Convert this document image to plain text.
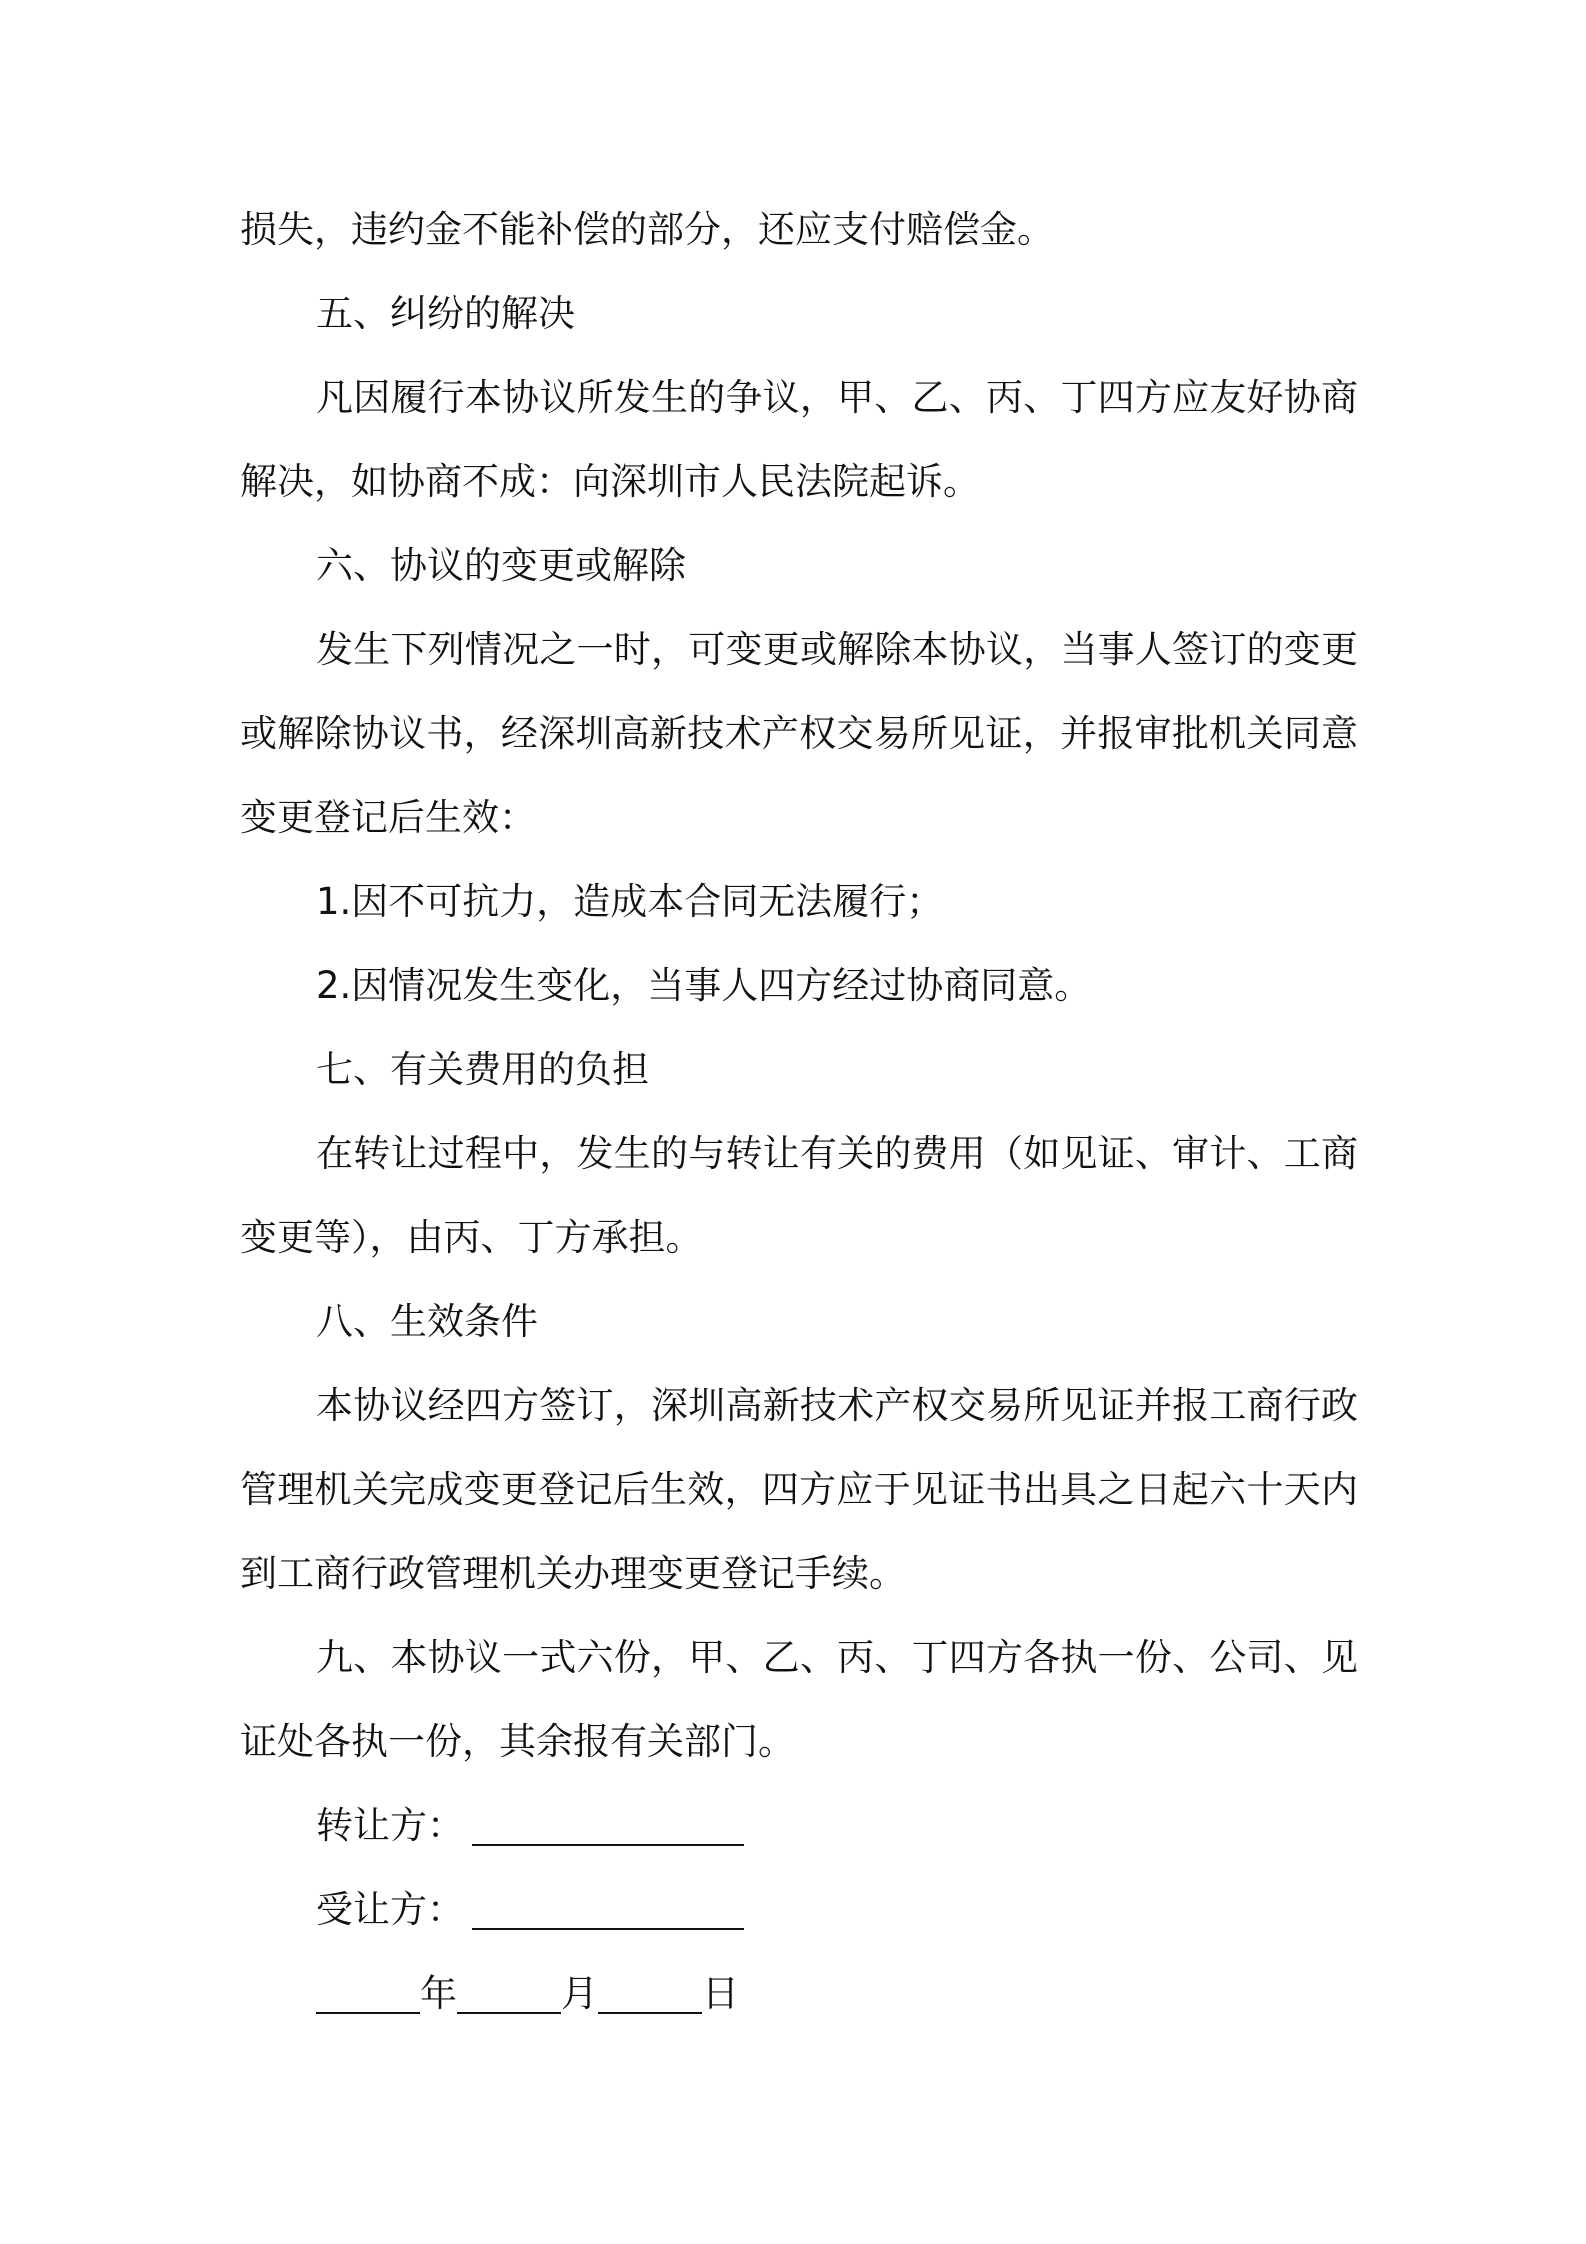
损失，违约金不能补偿的部分，还应支付赔偿金。

五、纠纷的解决

凡因履行本协议所发生的争议，甲、乙、丙、丁四方应友好协商

解决，如协商不成：向深圳市人民法院起诉。

六、协议的变更或解除

发生下列情况之一时，可变更或解除本协议，当事人签订的变更

或解除协议书，经深圳高新技术产权交易所见证，并报审批机关同意

变更登记后生效：

1.因不可抗力，造成本合同无法履行；

2.因情况发生变化，当事人四方经过协商同意。

七、有关费用的负担

在转让过程中，发生的与转让有关的费用（如见证、审计、工商

变更等），由丙、丁方承担。

八、生效条件

本协议经四方签订，深圳高新技术产权交易所见证并报工商行政

管理机关完成变更登记后生效，四方应于见证书出具之日起六十天内

到工商行政管理机关办理变更登记手续。

九、本协议一式六份，甲、乙、丙、丁四方各执一份、公司、见

证处各执一份，其余报有关部门。

转让方：

受让方：

年	月	日
